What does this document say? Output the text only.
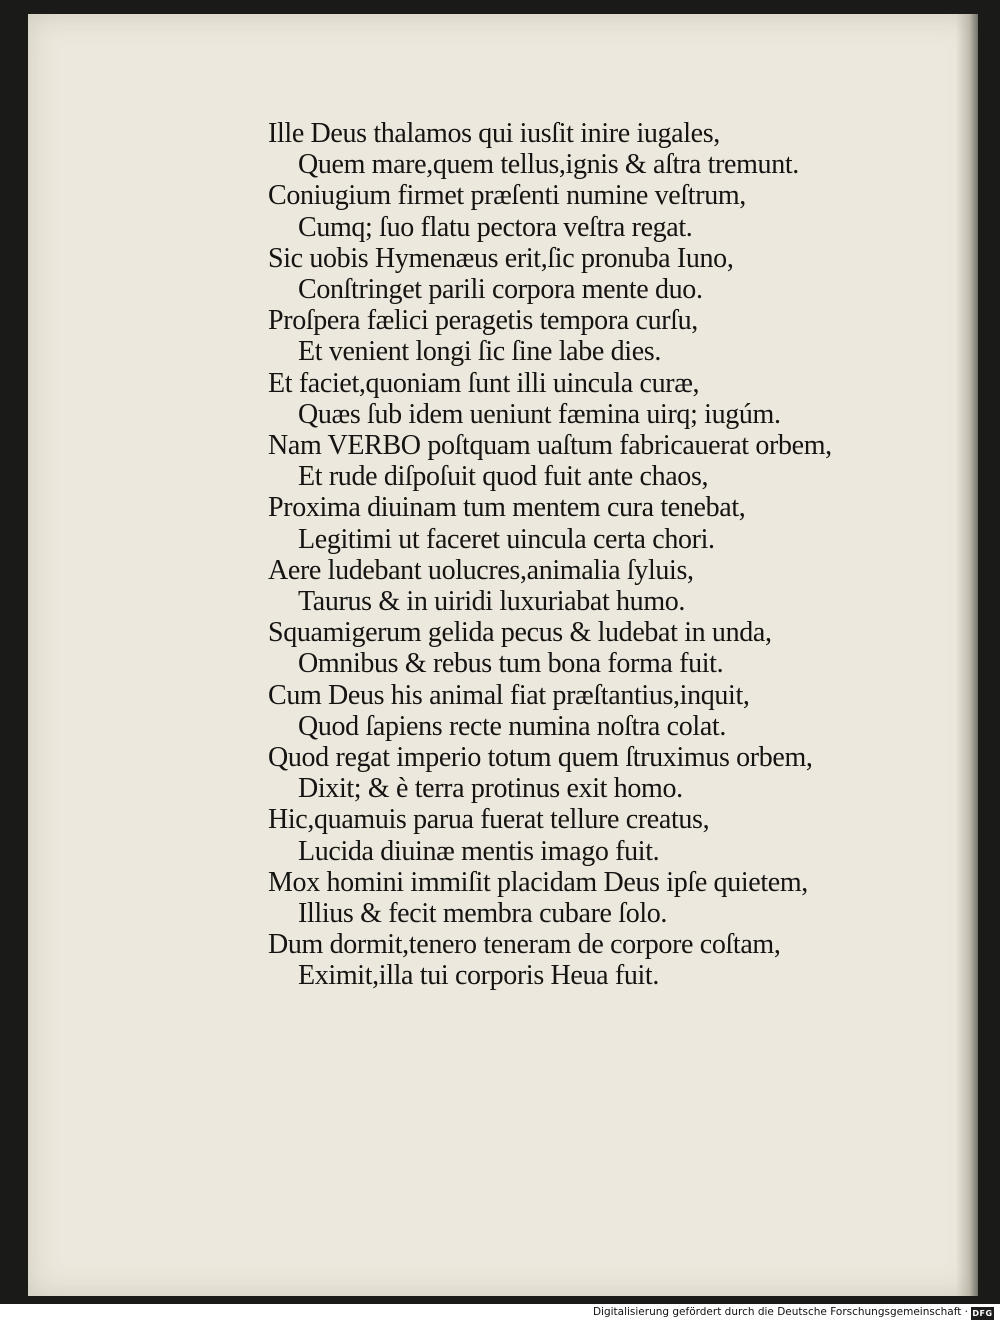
Ille Deus thalamos qui iusſit inire iugales,
Quem mare,quem tellus,ignis & aſtra tremunt.
Coniugium firmet præſenti numine veſtrum,
Cumq; ſuo flatu pectora veſtra regat.
Sic uobis Hymenæus erit,ſic pronuba Iuno,
Conſtringet parili corpora mente duo.
Proſpera fælici peragetis tempora curſu,
Et venient longi ſic ſine labe dies.
Et faciet,quoniam ſunt illi uincula curæ,
Quæs ſub idem ueniunt fæmina uirq; iugúm.
Nam VERBO poſtquam uaſtum fabricauerat orbem,
Et rude diſpoſuit quod fuit ante chaos,
Proxima diuinam tum mentem cura tenebat,
Legitimi ut faceret uincula certa chori.
Aere ludebant uolucres,animalia ſyluis,
Taurus & in uiridi luxuriabat humo.
Squamigerum gelida pecus & ludebat in unda,
Omnibus & rebus tum bona forma fuit.
Cum Deus his animal fiat præſtantius,inquit,
Quod ſapiens recte numina noſtra colat.
Quod regat imperio totum quem ſtruximus orbem,
Dixit; & è terra protinus exit homo.
Hic,quamuis parua fuerat tellure creatus,
Lucida diuinæ mentis imago fuit.
Mox homini immiſit placidam Deus ipſe quietem,
Illius & fecit membra cubare ſolo.
Dum dormit,tenero teneram de corpore coſtam,
Eximit,illa tui corporis Heua fuit.
Digitalisierung gefördert durch die Deutsche Forschungsgemeinschaft · DFG
